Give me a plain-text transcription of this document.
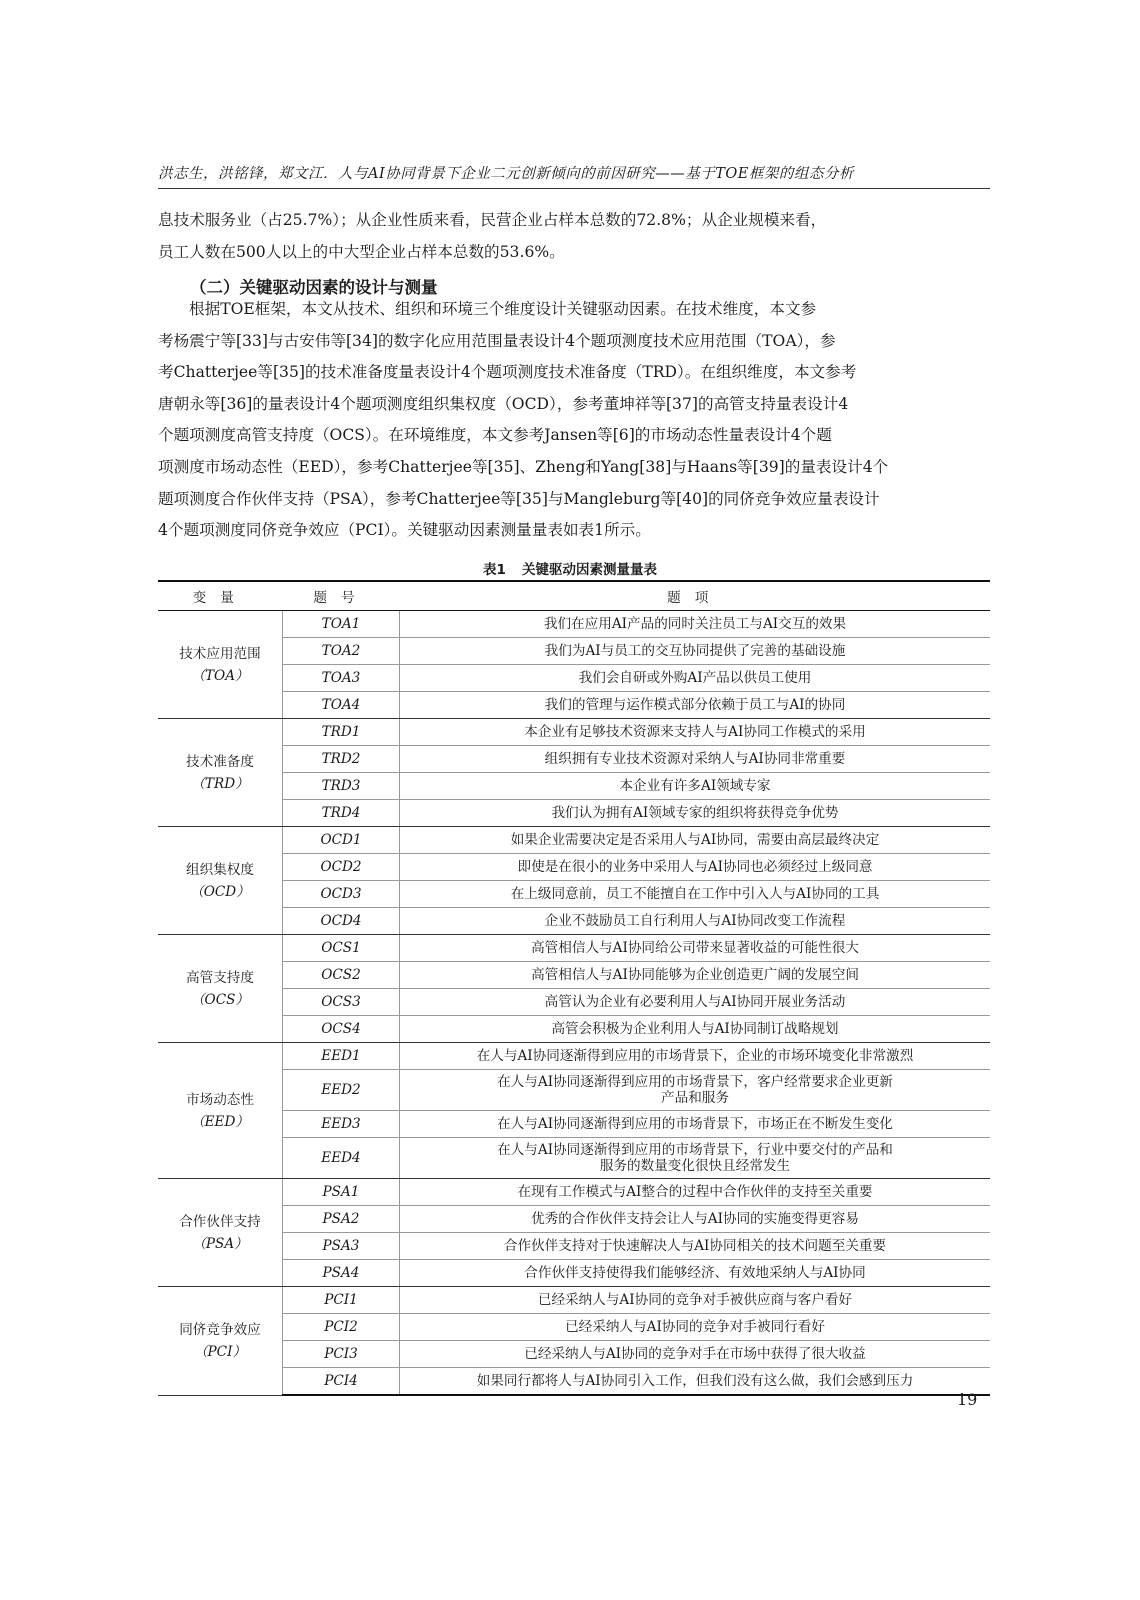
洪志生，洪铭锋，郑文江．人与AI协同背景下企业二元创新倾向的前因研究——基于TOE框架的组态分析
息技术服务业（占25.7%）；从企业性质来看，民营企业占样本总数的72.8%；从企业规模来看，
员工人数在500人以上的中大型企业占样本总数的53.6%。
（二）关键驱动因素的设计与测量
根据TOE框架，本文从技术、组织和环境三个维度设计关键驱动因素。在技术维度，本文参
考杨震宁等[33]与古安伟等[34]的数字化应用范围量表设计4个题项测度技术应用范围（TOA），参
考Chatterjee等[35]的技术准备度量表设计4个题项测度技术准备度（TRD）。在组织维度，本文参考
唐朝永等[36]的量表设计4个题项测度组织集权度（OCD），参考董坤祥等[37]的高管支持量表设计4
个题项测度高管支持度（OCS）。在环境维度，本文参考Jansen等[6]的市场动态性量表设计4个题
项测度市场动态性（EED），参考Chatterjee等[35]、Zheng和Yang[38]与Haans等[39]的量表设计4个
题项测度合作伙伴支持（PSA），参考Chatterjee等[35]与Mangleburg等[40]的同侪竞争效应量表设计
4个题项测度同侪竞争效应（PCI）。关键驱动因素测量量表如表1所示。
表1 关键驱动因素测量量表
变量	题号	题项

技术应用范围
（TOA）	TOA1	我们在应用AI产品的同时关注员工与AI交互的效果
	TOA2	我们为AI与员工的交互协同提供了完善的基础设施
	TOA3	我们会自研或外购AI产品以供员工使用
	TOA4	我们的管理与运作模式部分依赖于员工与AI的协同

技术准备度
（TRD）	TRD1	本企业有足够技术资源来支持人与AI协同工作模式的采用
	TRD2	组织拥有专业技术资源对采纳人与AI协同非常重要
	TRD3	本企业有许多AI领域专家
	TRD4	我们认为拥有AI领域专家的组织将获得竞争优势

组织集权度
（OCD）	OCD1	如果企业需要决定是否采用人与AI协同，需要由高层最终决定
	OCD2	即使是在很小的业务中采用人与AI协同也必须经过上级同意
	OCD3	在上级同意前，员工不能擅自在工作中引入人与AI协同的工具
	OCD4	企业不鼓励员工自行利用人与AI协同改变工作流程

高管支持度
（OCS）	OCS1	高管相信人与AI协同给公司带来显著收益的可能性很大
	OCS2	高管相信人与AI协同能够为企业创造更广阔的发展空间
	OCS3	高管认为企业有必要利用人与AI协同开展业务活动
	OCS4	高管会积极为企业利用人与AI协同制订战略规划

市场动态性
（EED）	EED1	在人与AI协同逐渐得到应用的市场背景下，企业的市场环境变化非常激烈
	EED2	在人与AI协同逐渐得到应用的市场背景下，客户经常要求企业更新产品和服务
	EED3	在人与AI协同逐渐得到应用的市场背景下，市场正在不断发生变化
	EED4	在人与AI协同逐渐得到应用的市场背景下，行业中要交付的产品和服务的数量变化很快且经常发生

合作伙伴支持
（PSA）	PSA1	在现有工作模式与AI整合的过程中合作伙伴的支持至关重要
	PSA2	优秀的合作伙伴支持会让人与AI协同的实施变得更容易
	PSA3	合作伙伴支持对于快速解决人与AI协同相关的技术问题至关重要
	PSA4	合作伙伴支持使得我们能够经济、有效地采纳人与AI协同

同侪竞争效应
（PCI）	PCI1	已经采纳人与AI协同的竞争对手被供应商与客户看好
	PCI2	已经采纳人与AI协同的竞争对手被同行看好
	PCI3	已经采纳人与AI协同的竞争对手在市场中获得了很大收益
	PCI4	如果同行都将人与AI协同引入工作，但我们没有这么做，我们会感到压力
19
